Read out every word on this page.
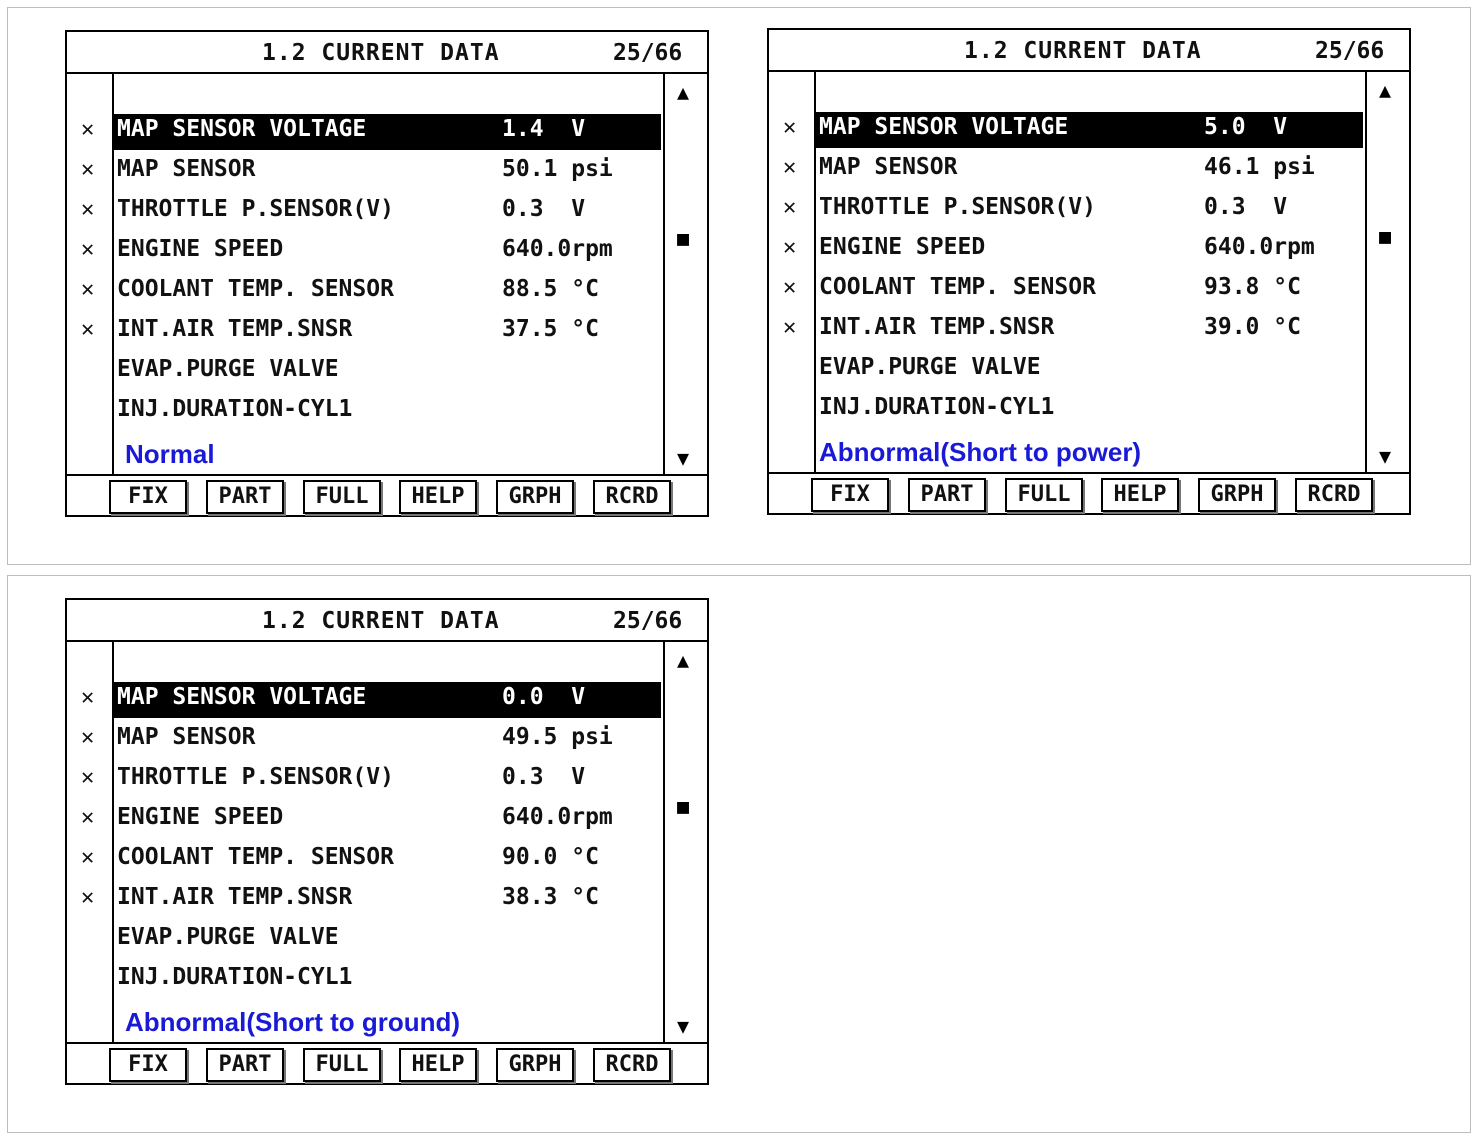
1.2 CURRENT DATA	25/66
✕ MAP SENSOR VOLTAGE	1.4  V
✕ MAP SENSOR	50.1 psi
✕ THROTTLE P.SENSOR(V)	0.3  V
✕ ENGINE SPEED	640.0rpm
✕ COOLANT TEMP. SENSOR	88.5 °C
✕ INT.AIR TEMP.SNSR	37.5 °C
EVAP.PURGE VALVE
INJ.DURATION-CYL1
Normal
▲
■
▼
FIX	PART	FULL	HELP	GRPH	RCRD
1.2 CURRENT DATA	25/66
✕ MAP SENSOR VOLTAGE	5.0  V
✕ MAP SENSOR	46.1 psi
✕ THROTTLE P.SENSOR(V)	0.3  V
✕ ENGINE SPEED	640.0rpm
✕ COOLANT TEMP. SENSOR	93.8 °C
✕ INT.AIR TEMP.SNSR	39.0 °C
EVAP.PURGE VALVE
INJ.DURATION-CYL1
Abnormal(Short to power)
▲
■
▼
FIX	PART	FULL	HELP	GRPH	RCRD
1.2 CURRENT DATA	25/66
✕ MAP SENSOR VOLTAGE	0.0  V
✕ MAP SENSOR	49.5 psi
✕ THROTTLE P.SENSOR(V)	0.3  V
✕ ENGINE SPEED	640.0rpm
✕ COOLANT TEMP. SENSOR	90.0 °C
✕ INT.AIR TEMP.SNSR	38.3 °C
EVAP.PURGE VALVE
INJ.DURATION-CYL1
Abnormal(Short to ground)
▲
■
▼
FIX	PART	FULL	HELP	GRPH	RCRD
